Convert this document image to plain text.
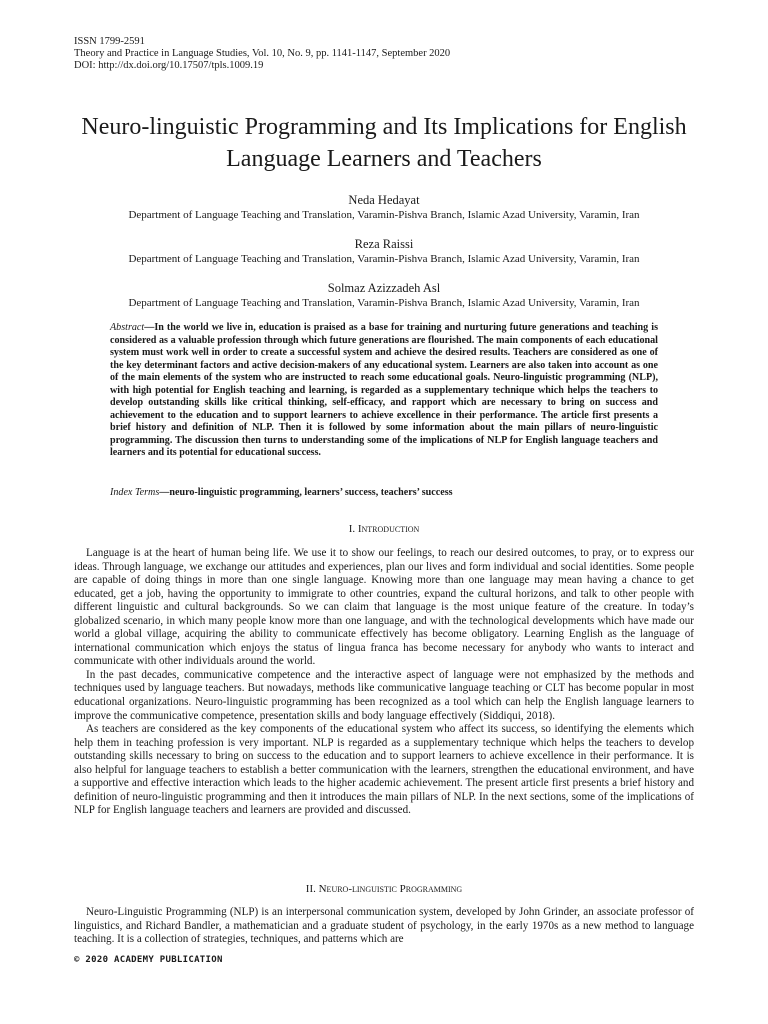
ISSN 1799-2591
Theory and Practice in Language Studies, Vol. 10, No. 9, pp. 1141-1147, September 2020
DOI: http://dx.doi.org/10.17507/tpls.1009.19
Neuro-linguistic Programming and Its Implications for English Language Learners and Teachers
Neda Hedayat
Department of Language Teaching and Translation, Varamin-Pishva Branch, Islamic Azad University, Varamin, Iran
Reza Raissi
Department of Language Teaching and Translation, Varamin-Pishva Branch, Islamic Azad University, Varamin, Iran
Solmaz Azizzadeh Asl
Department of Language Teaching and Translation, Varamin-Pishva Branch, Islamic Azad University, Varamin, Iran

Abstract—In the world we live in, education is praised as a base for training and nurturing future generations and teaching is considered as a valuable profession through which future generations are flourished. The main components of each educational system must work well in order to create a successful system and achieve the desired results. Teachers are considered as one of the key determinant factors and active decision-makers of any educational system. Learners are also taken into account as one of the main elements of the system who are instructed to reach some educational goals. Neuro-linguistic programming (NLP), with high potential for English teaching and learning, is regarded as a supplementary technique which helps the teachers to develop outstanding skills like critical thinking, self-efficacy, and rapport which are necessary to bring on success and achievement to the education and to support learners to achieve excellence in their performance. The article first presents a brief history and definition of NLP. Then it is followed by some information about the main pillars of neuro-linguistic programming. The discussion then turns to understanding some of the implications of NLP for English language teachers and learners and its potential for educational success.

Index Terms—neuro-linguistic programming, learners’ success, teachers’ success

I. Introduction

Language is at the heart of human being life. We use it to show our feelings, to reach our desired outcomes, to pray, or to express our ideas. Through language, we exchange our attitudes and experiences, plan our lives and form individual and social identities. Some people are capable of doing things in more than one single language. Knowing more than one language may mean having a chance to get educated, get a job, having the opportunity to immigrate to other countries, expand the cultural horizons, and talk to other people with different linguistic and cultural backgrounds. So we can claim that language is the most unique feature of the creature. In today’s globalized scenario, in which many people know more than one language, and with the technological developments which have made our world a global village, acquiring the ability to communicate effectively has become obligatory. Learning English as the language of international communication which enjoys the status of lingua franca has become necessary for anybody who wants to interact and communicate with other individuals around the world.

In the past decades, communicative competence and the interactive aspect of language were not emphasized by the methods and techniques used by language teachers. But nowadays, methods like communicative language teaching or CLT has become popular in most educational organizations. Neuro-linguistic programming has been recognized as a tool which can help the English language learners to improve the communicative competence, presentation skills and body language effectively (Siddiqui, 2018).

As teachers are considered as the key components of the educational system who affect its success, so identifying the elements which help them in teaching profession is very important. NLP is regarded as a supplementary technique which helps the teachers to develop outstanding skills necessary to bring on success to the education and to support learners to achieve excellence in their performance. It is also helpful for language teachers to establish a better communication with the learners, strengthen the educational environment, and have a supportive and effective interaction which leads to the higher academic achievement. The present article first presents a brief history and definition of neuro-linguistic programming and then it introduces the main pillars of NLP. In the next sections, some of the implications of NLP for English language teachers and learners are provided and discussed.

II. Neuro-linguistic Programming

Neuro-Linguistic Programming (NLP) is an interpersonal communication system, developed by John Grinder, an associate professor of linguistics, and Richard Bandler, a mathematician and a graduate student of psychology, in the early 1970s as a new method to language teaching. It is a collection of strategies, techniques, and patterns which are

© 2020 ACADEMY PUBLICATION
